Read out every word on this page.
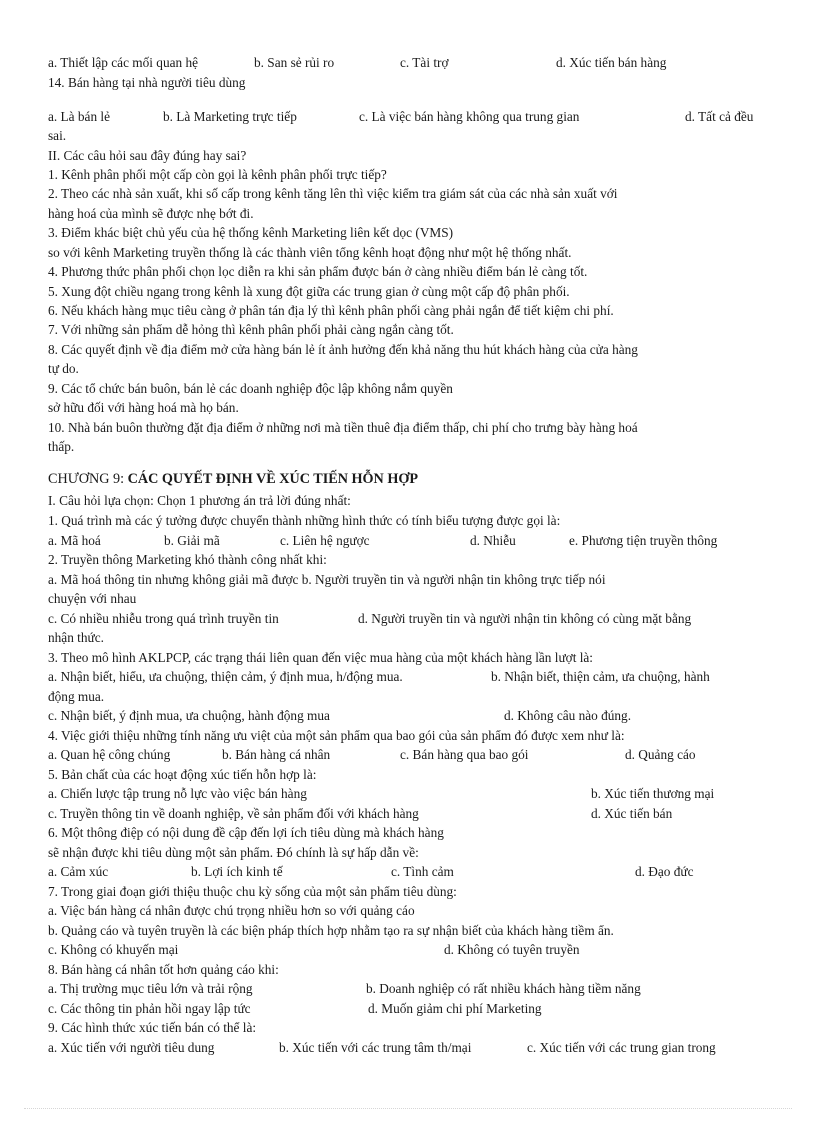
a. Thiết lập các mối quan hệ	b. San sẻ rủi ro	c. Tài trợ	d. Xúc tiến bán hàng
14. Bán hàng tại nhà người tiêu dùng
a. Là bán lẻ	b. Là Marketing trực tiếp	c. Là việc bán hàng không qua trung gian	d. Tất cả đều
sai.
II. Các câu hỏi sau đây đúng hay sai?
1. Kênh phân phối một cấp còn gọi là kênh phân phối trực tiếp?
2. Theo các nhà sản xuất, khi số cấp trong kênh tăng lên thì việc kiểm tra giám sát của các nhà sản xuất với
hàng hoá của mình sẽ được nhẹ bớt đi.
3. Điểm khác biệt chủ yếu của hệ thống kênh Marketing liên kết dọc (VMS)
so với kênh Marketing truyền thống là các thành viên tổng kênh hoạt động như một hệ thống nhất.
4. Phương thức phân phối chọn lọc diễn ra khi sản phẩm được bán ở càng nhiều điểm bán lẻ càng tốt.
5. Xung đột chiều ngang trong kênh là xung đột giữa các trung gian ở cùng một cấp độ phân phối.
6. Nếu khách hàng mục tiêu càng ở phân tán địa lý thì kênh phân phối càng phải ngắn để tiết kiệm chi phí.
7. Với những sản phẩm dễ hỏng thì kênh phân phối phải càng ngắn càng tốt.
8. Các quyết định về địa điểm mở cửa hàng bán lẻ ít ảnh hưởng đến khả năng thu hút khách hàng của cửa hàng
tự do.
9. Các tổ chức bán buôn, bán lẻ các doanh nghiệp độc lập không nắm quyền
sở hữu đối với hàng hoá mà họ bán.
10. Nhà bán buôn thường đặt địa điểm ở những nơi mà tiền thuê địa điểm thấp, chi phí cho trưng bày hàng hoá
thấp.
CHƯƠNG 9: CÁC QUYẾT ĐỊNH VỀ XÚC TIẾN HỖN HỢP
I. Câu hỏi lựa chọn: Chọn 1 phương án trả lời đúng nhất:
1. Quá trình mà các ý tưởng được chuyển thành những hình thức có tính biểu tượng được gọi là:
a. Mã hoá	b. Giải mã	c. Liên hệ ngược	d. Nhiễu	e. Phương tiện truyền thông
2. Truyền thông Marketing khó thành công nhất khi:
a. Mã hoá thông tin nhưng không giải mã được b. Người truyền tin và người nhận tin không trực tiếp nói
chuyện với nhau
c. Có nhiều nhiễu trong quá trình truyền tin	d. Người truyền tin và người nhận tin không có cùng mặt bằng
nhận thức.
3. Theo mô hình AKLPCP, các trạng thái liên quan đến việc mua hàng của một khách hàng lần lượt là:
a. Nhận biết, hiểu, ưa chuộng, thiện cảm, ý định mua, h/động mua.	b. Nhận biết, thiện cảm, ưa chuộng, hành
động mua.
c. Nhận biết, ý định mua, ưa chuộng, hành động mua	d. Không câu nào đúng.
4. Việc giới thiệu những tính năng ưu việt của một sản phẩm qua bao gói của sản phẩm đó được xem như là:
a. Quan hệ công chúng	b. Bán hàng cá nhân	c. Bán hàng qua bao gói	d. Quảng cáo
5. Bản chất của các hoạt động xúc tiến hỗn hợp là:
a. Chiến lược tập trung nỗ lực vào việc bán hàng	b. Xúc tiến thương mại
c. Truyền thông tin về doanh nghiệp, về sản phẩm đối với khách hàng	d. Xúc tiến bán
6. Một thông điệp có nội dung đề cập đến lợi ích tiêu dùng mà khách hàng
sẽ nhận được khi tiêu dùng một sản phẩm. Đó chính là sự hấp dẫn về:
a. Cảm xúc	b. Lợi ích kinh tế	c. Tình cảm	d. Đạo đức
7. Trong giai đoạn giới thiệu thuộc chu kỳ sống của một sản phẩm tiêu dùng:
a. Việc bán hàng cá nhân được chú trọng nhiều hơn so với quảng cáo
b. Quảng cáo và tuyên truyền là các biện pháp thích hợp nhằm tạo ra sự nhận biết của khách hàng tiềm ẩn.
c. Không có khuyến mại	d. Không có tuyên truyền
8. Bán hàng cá nhân tốt hơn quảng cáo khi:
a. Thị trường mục tiêu lớn và trải rộng	b. Doanh nghiệp có rất nhiều khách hàng tiềm năng
c. Các thông tin phản hồi ngay lập tức	d. Muốn giảm chi phí Marketing
9. Các hình thức xúc tiến bán có thể là:
a. Xúc tiến với người tiêu dung	b. Xúc tiến với các trung tâm th/mại	c. Xúc tiến với các trung gian trong
